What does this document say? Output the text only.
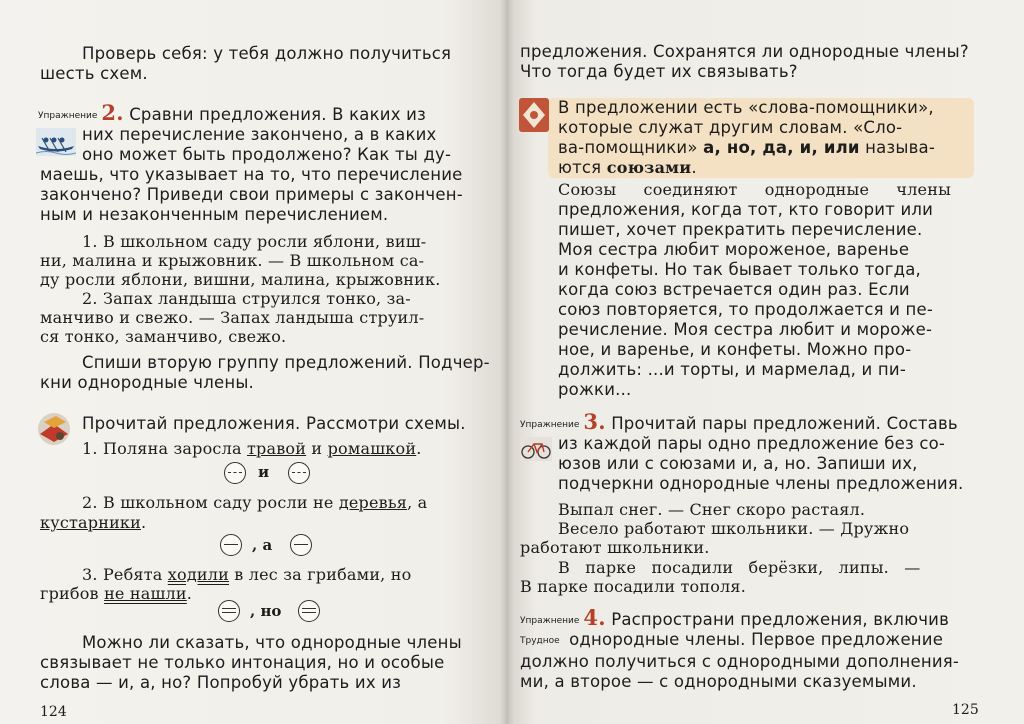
Проверь себя: у тебя должно получиться
шесть схем.
Упражнение 2. Сравни предложения. В каких из
них перечисление закончено, а в каких
оно может быть продолжено? Как ты ду-
маешь, что указывает на то, что перечисление
закончено? Приведи свои примеры с закончен-
ным и незаконченным перечислением.
1. В школьном саду росли яблони, виш-
ни, малина и крыжовник. — В школьном са-
ду росли яблони, вишни, малина, крыжовник.
2. Запах ландыша струился тонко, за-
манчиво и свежо. — Запах ландыша струил-
ся тонко, заманчиво, свежо.
Спиши вторую группу предложений. Подчер-
кни однородные члены.
Прочитай предложения. Рассмотри схемы.
1. Поляна заросла травой и ромашкой.
и
2. В школьном саду росли не деревья, а
кустарники.
, а
3. Ребята ходили в лес за грибами, но
грибов не нашли.
, но
Можно ли сказать, что однородные члены
связывает не только интонация, но и особые
слова — и, а, но? Попробуй убрать их из
124
предложения. Сохранятся ли однородные члены?
Что тогда будет их связывать?
В предложении есть «слова-помощники»,
которые служат другим словам. «Сло-
ва-помощники» а, но, да, и, или называ-
ются союзами.
Союзы соединяют однородные члены
предложения, когда тот, кто говорит или
пишет, хочет прекратить перечисление.
Моя сестра любит мороженое, варенье
и конфеты. Но так бывает только тогда,
когда союз встречается один раз. Если
союз повторяется, то продолжается и пе-
речисление. Моя сестра любит и мороже-
ное, и варенье, и конфеты. Можно про-
должить: ...и торты, и мармелад, и пи-
рожки...
Упражнение 3. Прочитай пары предложений. Составь
из каждой пары одно предложение без со-
юзов или с союзами и, а, но. Запиши их,
подчеркни однородные члены предложения.
Выпал снег. — Снег скоро растаял.
Весело работают школьники. — Дружно
работают школьники.
В парке посадили берёзки, липы. —
В парке посадили тополя.
Упражнение 4. Распространи предложения, включив
Трудное однородные члены. Первое предложение
должно получиться с однородными дополнения-
ми, а второе — с однородными сказуемыми.
125
